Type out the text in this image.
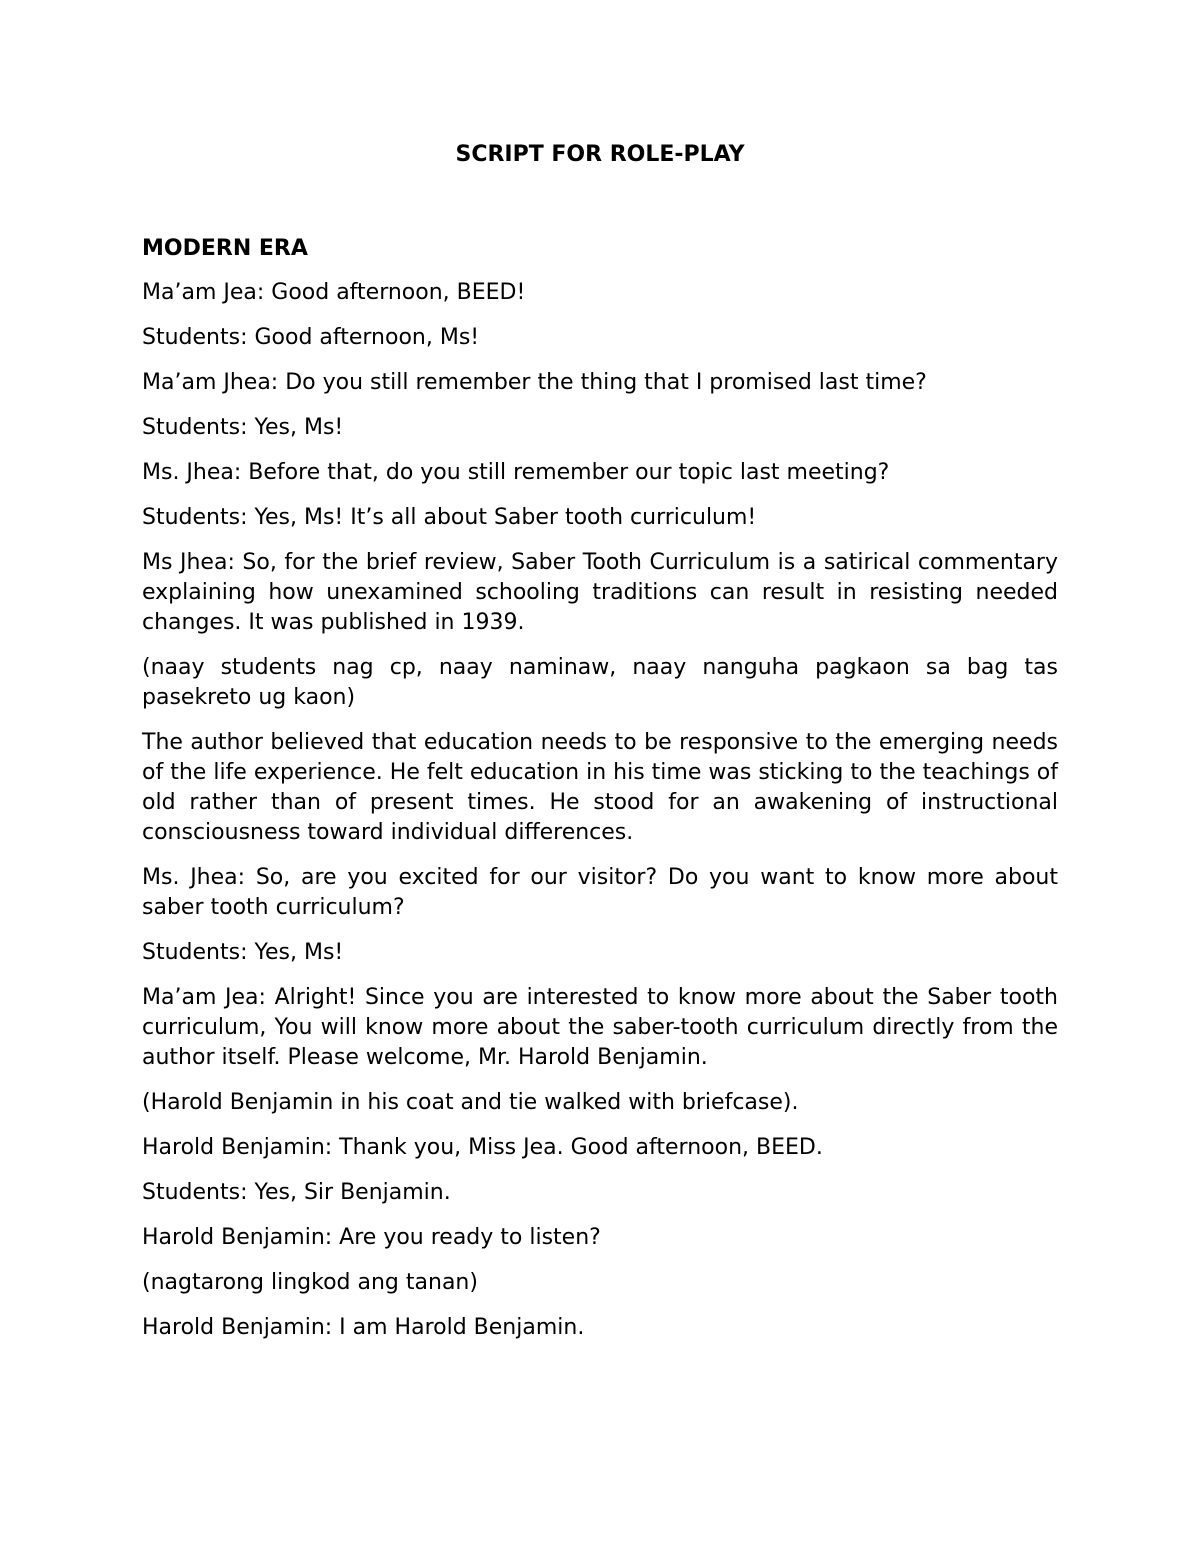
SCRIPT FOR ROLE-PLAY
MODERN ERA

Ma’am Jea: Good afternoon, BEED!

Students: Good afternoon, Ms!

Ma’am Jhea: Do you still remember the thing that I promised last time?

Students: Yes, Ms!

Ms. Jhea: Before that, do you still remember our topic last meeting?

Students: Yes, Ms! It’s all about Saber tooth curriculum!

Ms Jhea: So, for the brief review, Saber Tooth Curriculum is a satirical commentary explaining how unexamined schooling traditions can result in resisting needed changes. It was published in 1939.

(naay students nag cp, naay naminaw, naay nanguha pagkaon sa bag tas pasekreto ug kaon)

The author believed that education needs to be responsive to the emerging needs of the life experience. He felt education in his time was sticking to the teachings of old rather than of present times. He stood for an awakening of instructional consciousness toward individual differences.

Ms. Jhea: So, are you excited for our visitor? Do you want to know more about saber tooth curriculum?

Students: Yes, Ms!

Ma’am Jea: Alright! Since you are interested to know more about the Saber tooth curriculum, You will know more about the saber-tooth curriculum directly from the author itself. Please welcome, Mr. Harold Benjamin.

(Harold Benjamin in his coat and tie walked with briefcase).

Harold Benjamin: Thank you, Miss Jea. Good afternoon, BEED.

Students: Yes, Sir Benjamin.

Harold Benjamin: Are you ready to listen?

(nagtarong lingkod ang tanan)

Harold Benjamin: I am Harold Benjamin.
